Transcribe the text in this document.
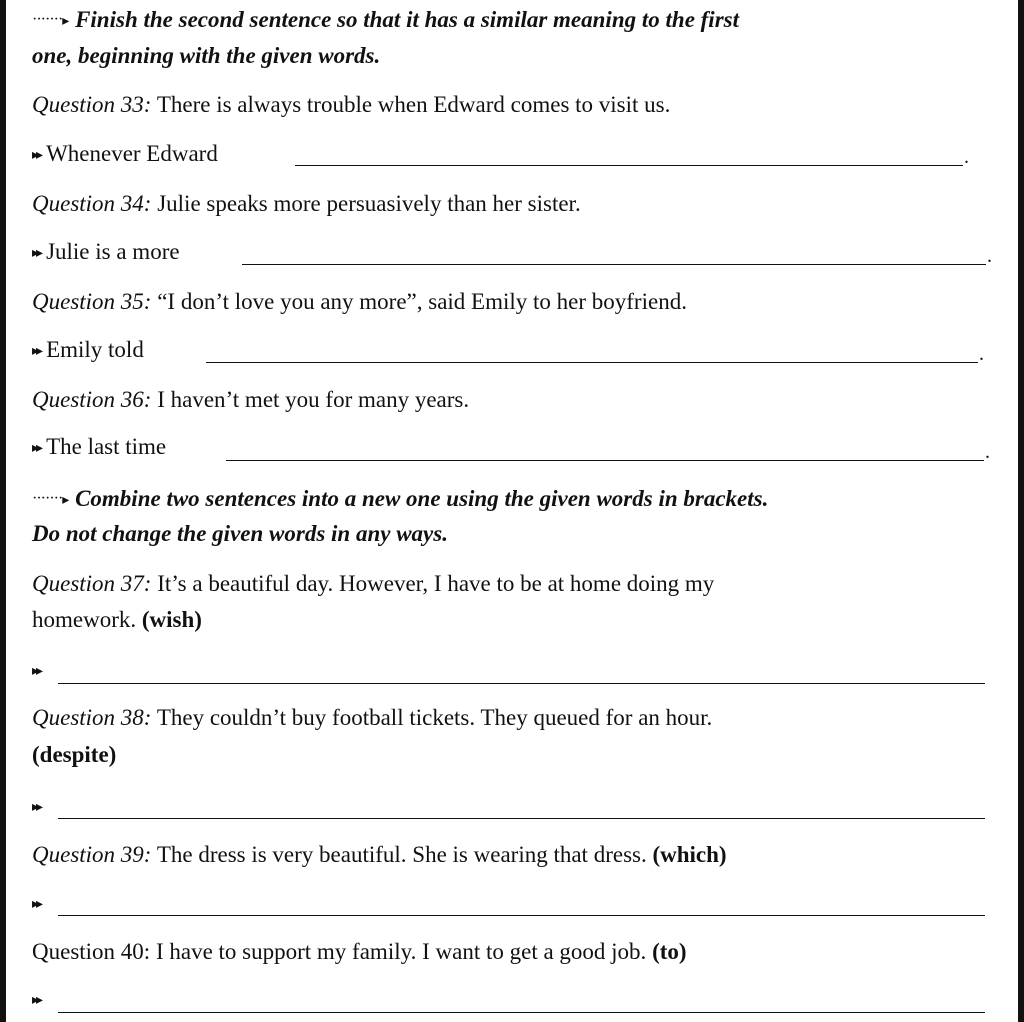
·······▸ Finish the second sentence so that it has a similar meaning to the first
one, beginning with the given words.
Question 33: There is always trouble when Edward comes to visit us.
▸▸ Whenever Edward	.
Question 34: Julie speaks more persuasively than her sister.
▸▸ Julie is a more	.
Question 35: “I don’t love you any more”, said Emily to her boyfriend.
▸▸ Emily told	.
Question 36: I haven’t met you for many years.
▸▸ The last time	.
·······▸ Combine two sentences into a new one using the given words in brackets.
Do not change the given words in any ways.
Question 37: It’s a beautiful day. However, I have to be at home doing my
homework. (wish)
▸▸
Question 38: They couldn’t buy football tickets. They queued for an hour.
(despite)
▸▸
Question 39: The dress is very beautiful. She is wearing that dress. (which)
▸▸
Question 40: I have to support my family. I want to get a good job. (to)
▸▸
